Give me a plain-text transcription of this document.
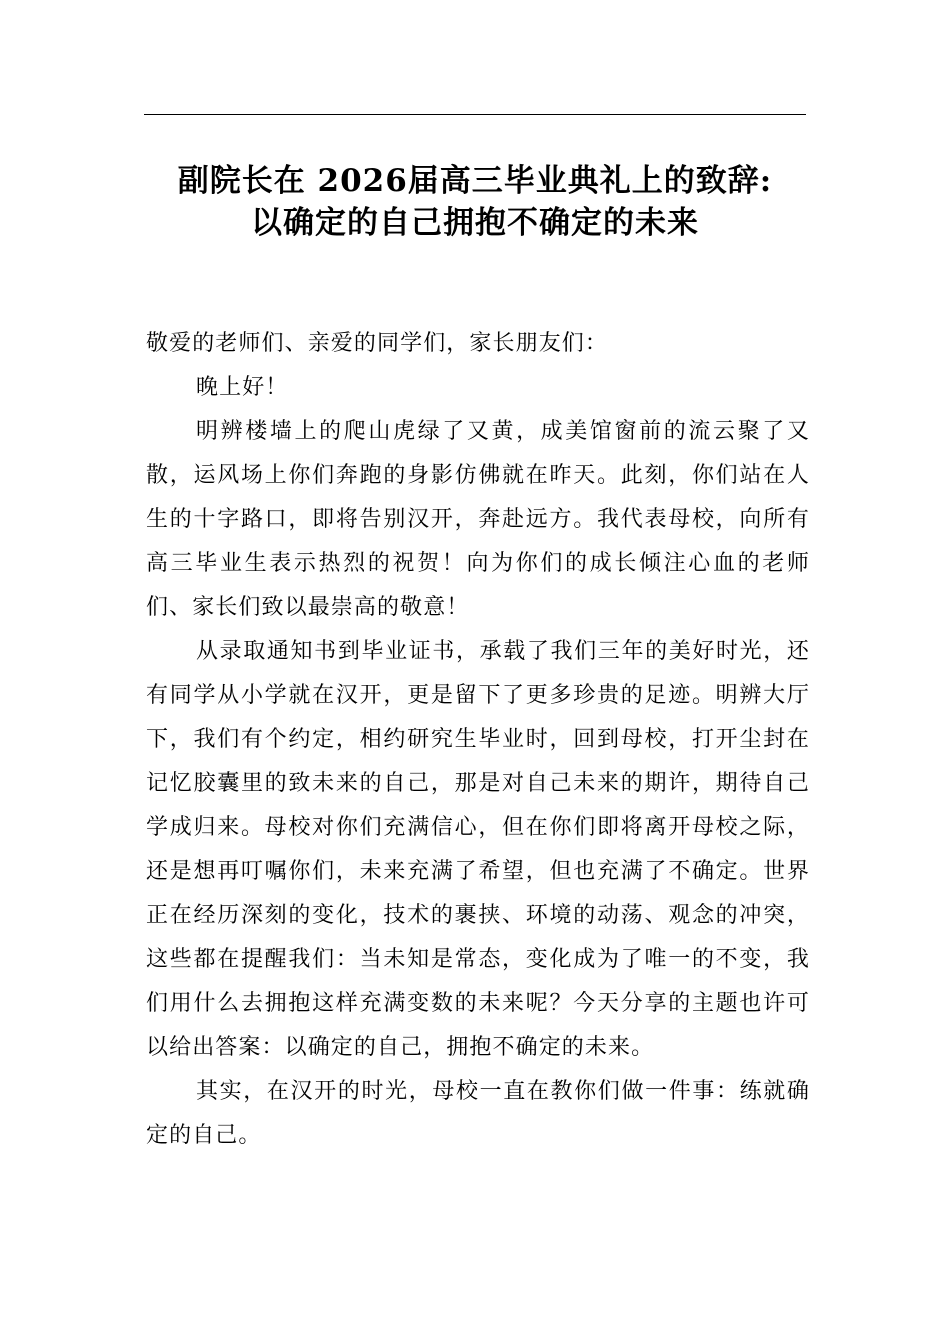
副院长在 2026届高三毕业典礼上的致辞:
以确定的自己拥抱不确定的未来

敬爱的老师们、亲爱的同学们，家长朋友们：

晚上好！

明辨楼墙上的爬山虎绿了又黄，成美馆窗前的流云聚了又散，运风场上你们奔跑的身影仿佛就在昨天。此刻，你们站在人生的十字路口，即将告别汉开，奔赴远方。我代表母校，向所有高三毕业生表示热烈的祝贺！向为你们的成长倾注心血的老师们、家长们致以最崇高的敬意！

从录取通知书到毕业证书，承载了我们三年的美好时光，还有同学从小学就在汉开，更是留下了更多珍贵的足迹。明辨大厅下，我们有个约定，相约研究生毕业时，回到母校，打开尘封在记忆胶囊里的致未来的自己，那是对自己未来的期许，期待自己学成归来。母校对你们充满信心，但在你们即将离开母校之际，还是想再叮嘱你们，未来充满了希望，但也充满了不确定。世界正在经历深刻的变化，技术的裹挟、环境的动荡、观念的冲突，这些都在提醒我们：当未知是常态，变化成为了唯一的不变，我们用什么去拥抱这样充满变数的未来呢？今天分享的主题也许可以给出答案：以确定的自己，拥抱不确定的未来。

其实，在汉开的时光，母校一直在教你们做一件事：练就确定的自己。
